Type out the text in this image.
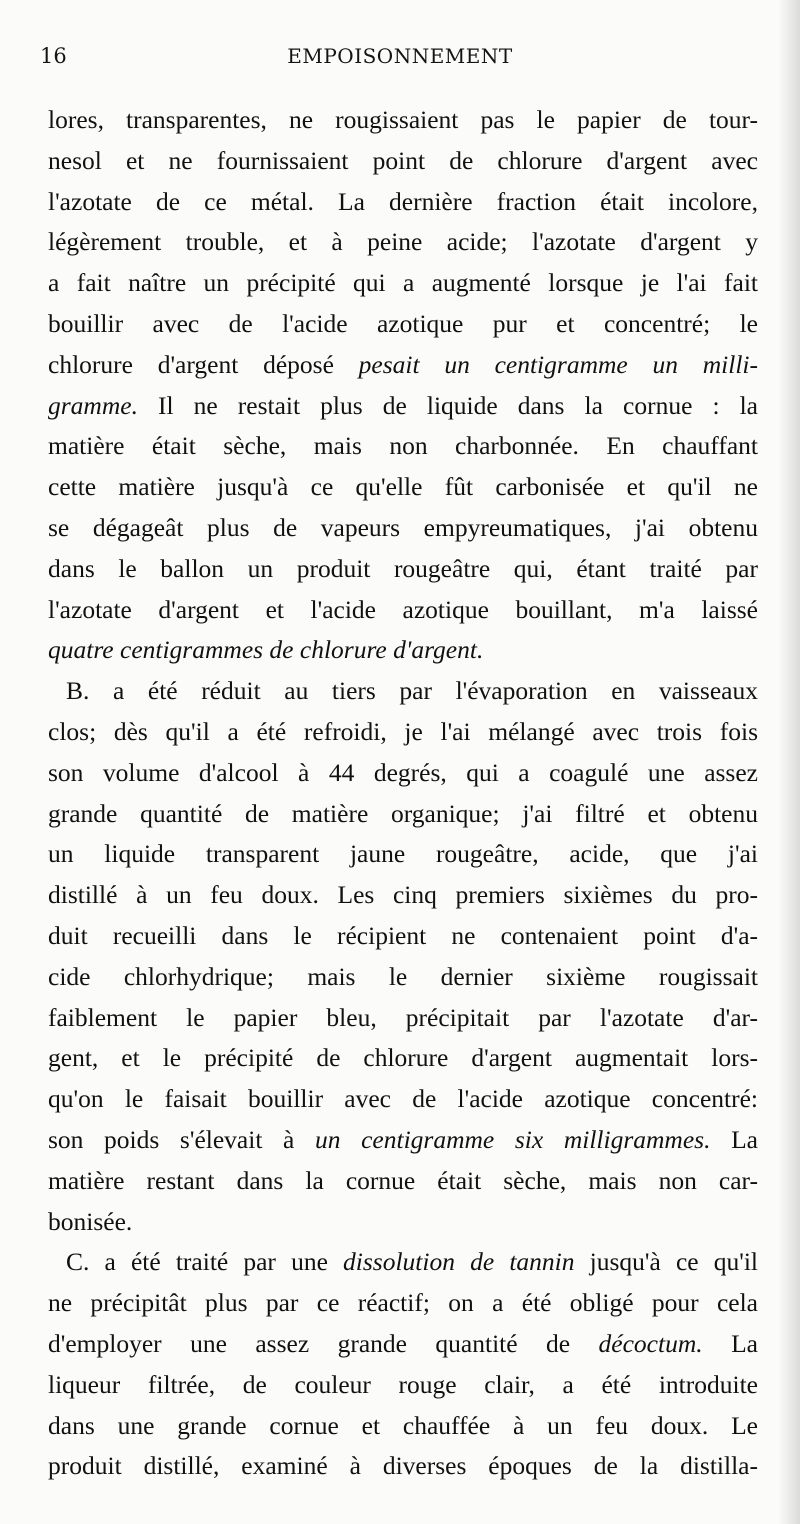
16	EMPOISONNEMENT
lores, transparentes, ne rougissaient pas le papier de tour-
nesol et ne fournissaient point de chlorure d'argent avec
l'azotate de ce métal. La dernière fraction était incolore,
légèrement trouble, et à peine acide; l'azotate d'argent y
a fait naître un précipité qui a augmenté lorsque je l'ai fait
bouillir avec de l'acide azotique pur et concentré; le
chlorure d'argent déposé pesait un centigramme un milli-
gramme. Il ne restait plus de liquide dans la cornue : la
matière était sèche, mais non charbonnée. En chauffant
cette matière jusqu'à ce qu'elle fût carbonisée et qu'il ne
se dégageât plus de vapeurs empyreumatiques, j'ai obtenu
dans le ballon un produit rougeâtre qui, étant traité par
l'azotate d'argent et l'acide azotique bouillant, m'a laissé
quatre centigrammes de chlorure d'argent.
B. a été réduit au tiers par l'évaporation en vaisseaux
clos; dès qu'il a été refroidi, je l'ai mélangé avec trois fois
son volume d'alcool à 44 degrés, qui a coagulé une assez
grande quantité de matière organique; j'ai filtré et obtenu
un liquide transparent jaune rougeâtre, acide, que j'ai
distillé à un feu doux. Les cinq premiers sixièmes du pro-
duit recueilli dans le récipient ne contenaient point d'a-
cide chlorhydrique; mais le dernier sixième rougissait
faiblement le papier bleu, précipitait par l'azotate d'ar-
gent, et le précipité de chlorure d'argent augmentait lors-
qu'on le faisait bouillir avec de l'acide azotique concentré:
son poids s'élevait à un centigramme six milligrammes. La
matière restant dans la cornue était sèche, mais non car-
bonisée.
C. a été traité par une dissolution de tannin jusqu'à ce qu'il
ne précipitât plus par ce réactif; on a été obligé pour cela
d'employer une assez grande quantité de décoctum. La
liqueur filtrée, de couleur rouge clair, a été introduite
dans une grande cornue et chauffée à un feu doux. Le
produit distillé, examiné à diverses époques de la distilla-
